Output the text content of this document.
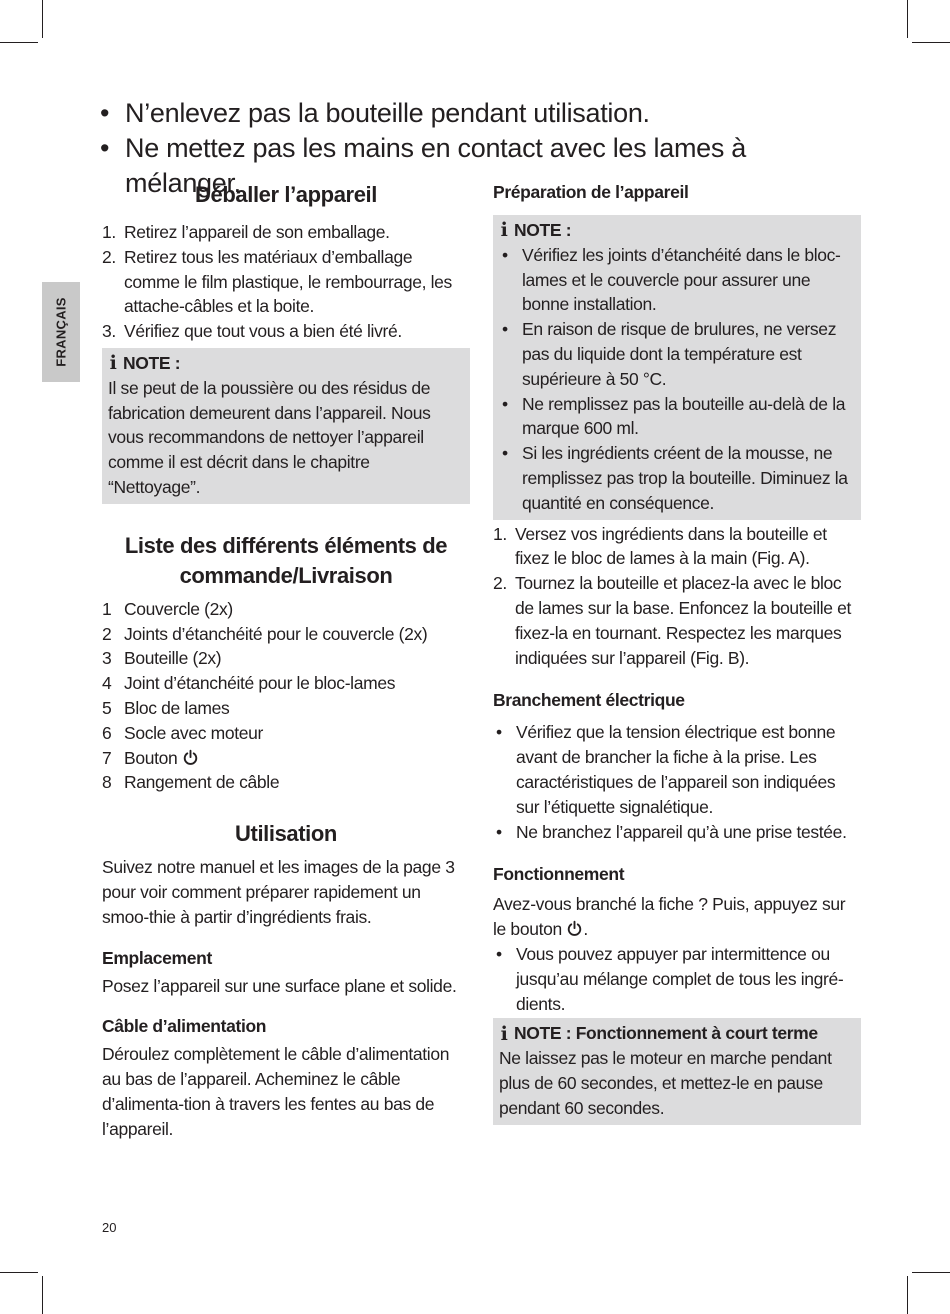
• N’enlevez pas la bouteille pendant utilisation.
• Ne mettez pas les mains en contact avec les lames à mélanger.
FRANÇAIS
Déballer l’appareil
1. Retirez l’appareil de son emballage.
2. Retirez tous les matériaux d’emballage comme le film plastique, le rembourrage, les attache-câbles et la boite.
3. Vérifiez que tout vous a bien été livré.
i NOTE :
Il se peut de la poussière ou des résidus de fabrication demeurent dans l’appareil. Nous vous recommandons de nettoyer l’appareil comme il est décrit dans le chapitre “Nettoyage”.
Liste des différents éléments de commande/Livraison
1 Couvercle (2x)
2 Joints d’étanchéité pour le couvercle (2x)
3 Bouteille (2x)
4 Joint d’étanchéité pour le bloc-lames
5 Bloc de lames
6 Socle avec moteur
7 Bouton
8 Rangement de câble
Utilisation
Suivez notre manuel et les images de la page 3 pour voir comment préparer rapidement un smoo-thie à partir d’ingrédients frais.
Emplacement
Posez l’appareil sur une surface plane et solide.
Câble d’alimentation
Déroulez complètement le câble d’alimentation au bas de l’appareil. Acheminez le câble d’alimenta-tion à travers les fentes au bas de l’appareil.
Préparation de l’appareil
i NOTE :
• Vérifiez les joints d’étanchéité dans le bloc-lames et le couvercle pour assurer une bonne installation.
• En raison de risque de brulures, ne versez pas du liquide dont la température est supérieure à 50 °C.
• Ne remplissez pas la bouteille au-delà de la marque 600 ml.
• Si les ingrédients créent de la mousse, ne remplissez pas trop la bouteille. Diminuez la quantité en conséquence.
1. Versez vos ingrédients dans la bouteille et fixez le bloc de lames à la main (Fig. A).
2. Tournez la bouteille et placez-la avec le bloc de lames sur la base. Enfoncez la bouteille et fixez-la en tournant. Respectez les marques indiquées sur l’appareil (Fig. B).
Branchement électrique
• Vérifiez que la tension électrique est bonne avant de brancher la fiche à la prise. Les caractéristiques de l’appareil son indiquées sur l’étiquette signalétique.
• Ne branchez l’appareil qu’à une prise testée.
Fonctionnement
Avez-vous branché la fiche ? Puis, appuyez sur le bouton .
• Vous pouvez appuyer par intermittence ou jusqu’au mélange complet de tous les ingré-dients.
i NOTE : Fonctionnement à court terme
Ne laissez pas le moteur en marche pendant plus de 60 secondes, et mettez-le en pause pendant 60 secondes.
20
